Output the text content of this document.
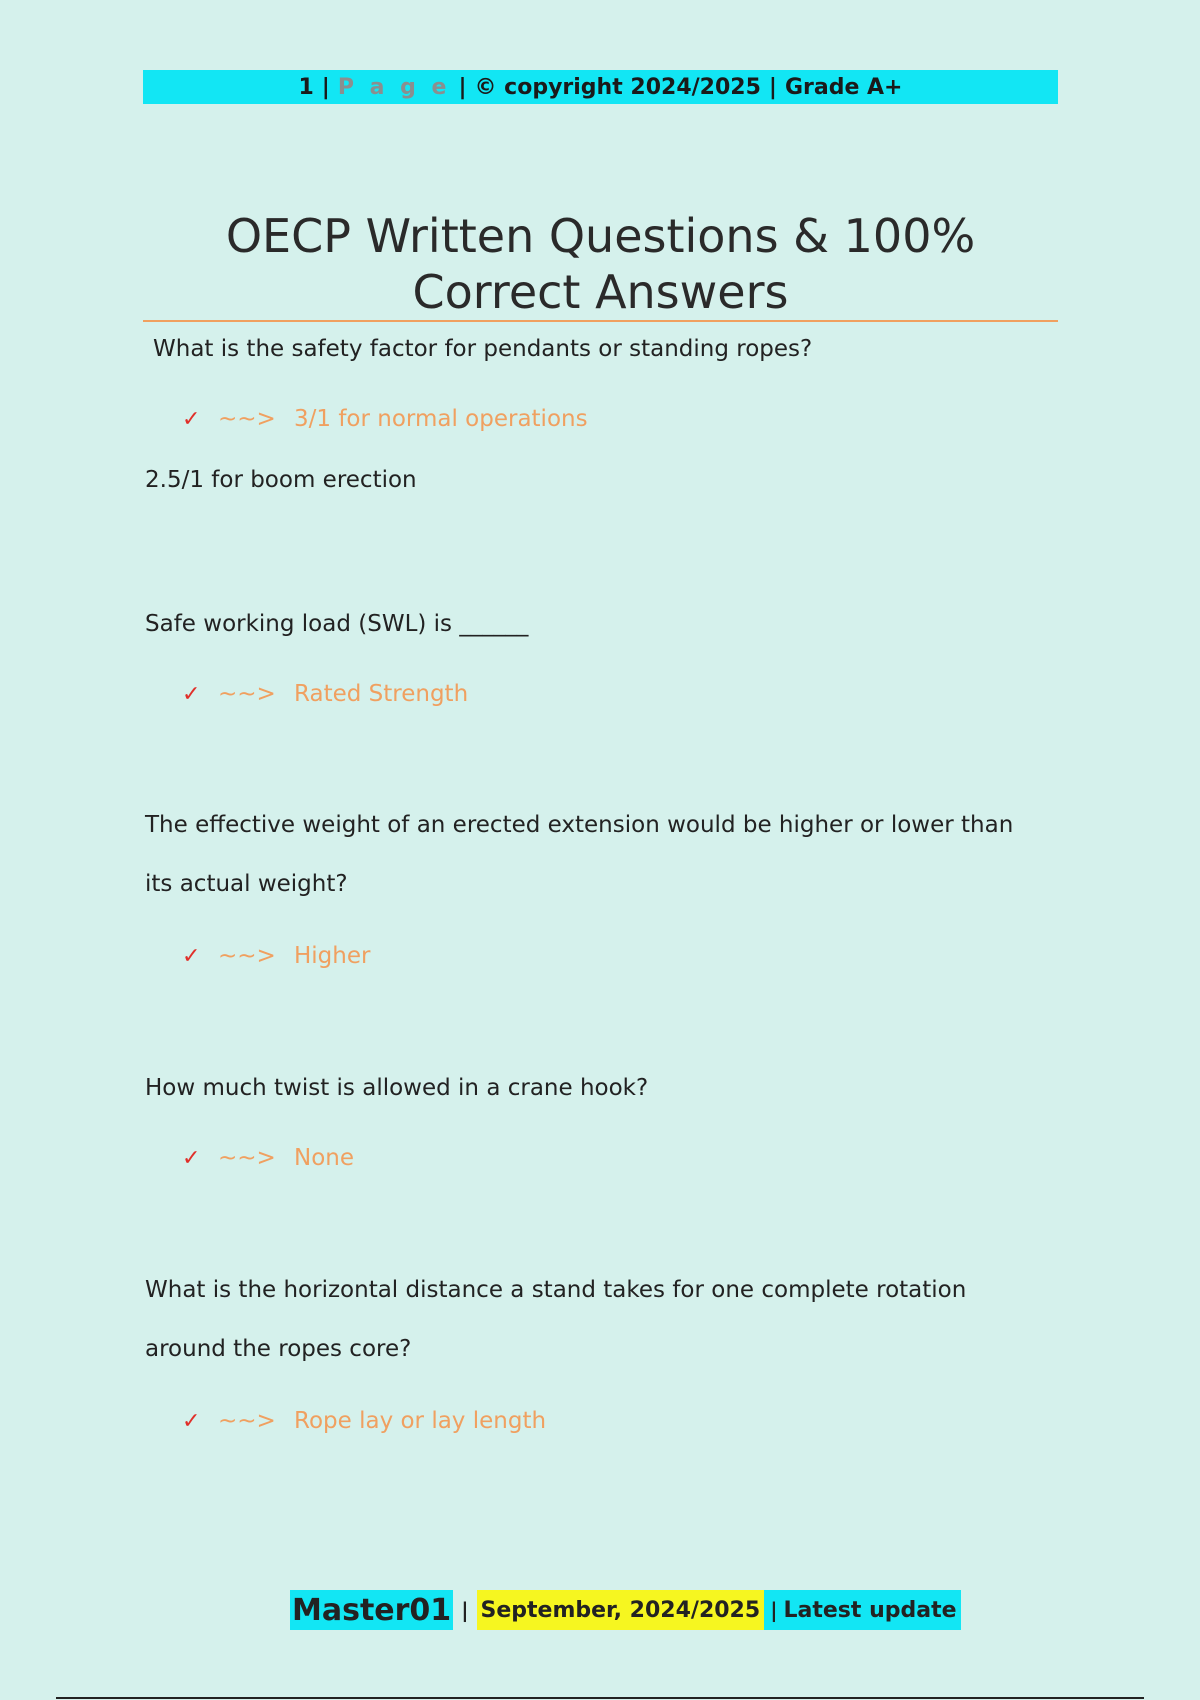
1 | P a g e | © copyright 2024/2025 | Grade A+
OECP Written Questions & 100% Correct Answers
What is the safety factor for pendants or standing ropes?
✓ ~~> 3/1 for normal operations
2.5/1 for boom erection
Safe working load (SWL) is ______
✓ ~~> Rated Strength
The effective weight of an erected extension would be higher or lower than
its actual weight?
✓ ~~> Higher
How much twist is allowed in a crane hook?
✓ ~~> None
What is the horizontal distance a stand takes for one complete rotation
around the ropes core?
✓ ~~> Rope lay or lay length
Master01 | September, 2024/2025 | Latest update
